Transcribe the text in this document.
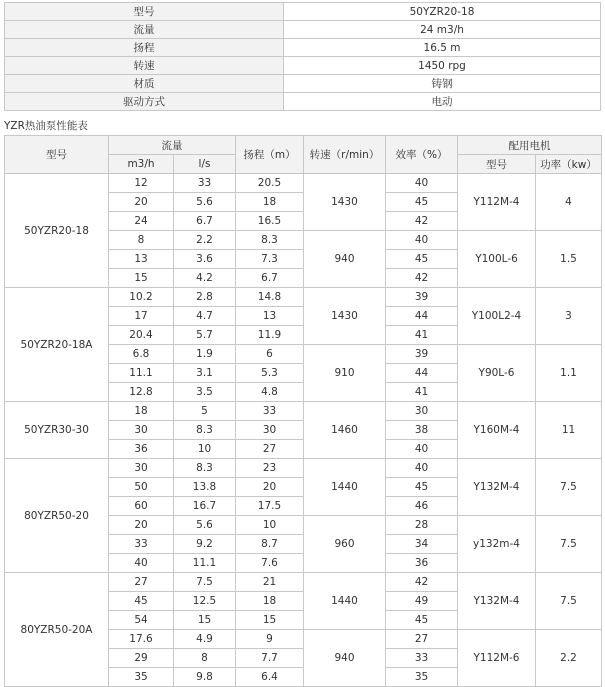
型号	50YZR20-18
流量	24 m3/h
扬程	16.5 m
转速	1450 rpg
材质	铸钢
驱动方式	电动
YZR热油泵性能表
型号	流量		扬程（m）	转速（r/min）	效率（%）	配用电机	
	m3/h	l/s				型号	功率（kw）
50YZR20-18	12	33	20.5	1430	40	Y112M-4	4
	20	5.6	18		45		
	24	6.7	16.5		42		
	8	2.2	8.3	940	40	Y100L-6	1.5
	13	3.6	7.3		45		
	15	4.2	6.7		42		
50YZR20-18A	10.2	2.8	14.8	1430	39	Y100L2-4	3
	17	4.7	13		44		
	20.4	5.7	11.9		41		
	6.8	1.9	6	910	39	Y90L-6	1.1
	11.1	3.1	5.3		44		
	12.8	3.5	4.8		41		
50YZR30-30	18	5	33	1460	30	Y160M-4	11
	30	8.3	30		38		
	36	10	27		40		
80YZR50-20	30	8.3	23	1440	40	Y132M-4	7.5
	50	13.8	20		45		
	60	16.7	17.5		46		
	20	5.6	10	960	28	y132m-4	7.5
	33	9.2	8.7		34		
	40	11.1	7.6		36		
80YZR50-20A	27	7.5	21	1440	42	Y132M-4	7.5
	45	12.5	18		49		
	54	15	15		45		
	17.6	4.9	9	940	27	Y112M-6	2.2
	29	8	7.7		33		
	35	9.8	6.4		35		
